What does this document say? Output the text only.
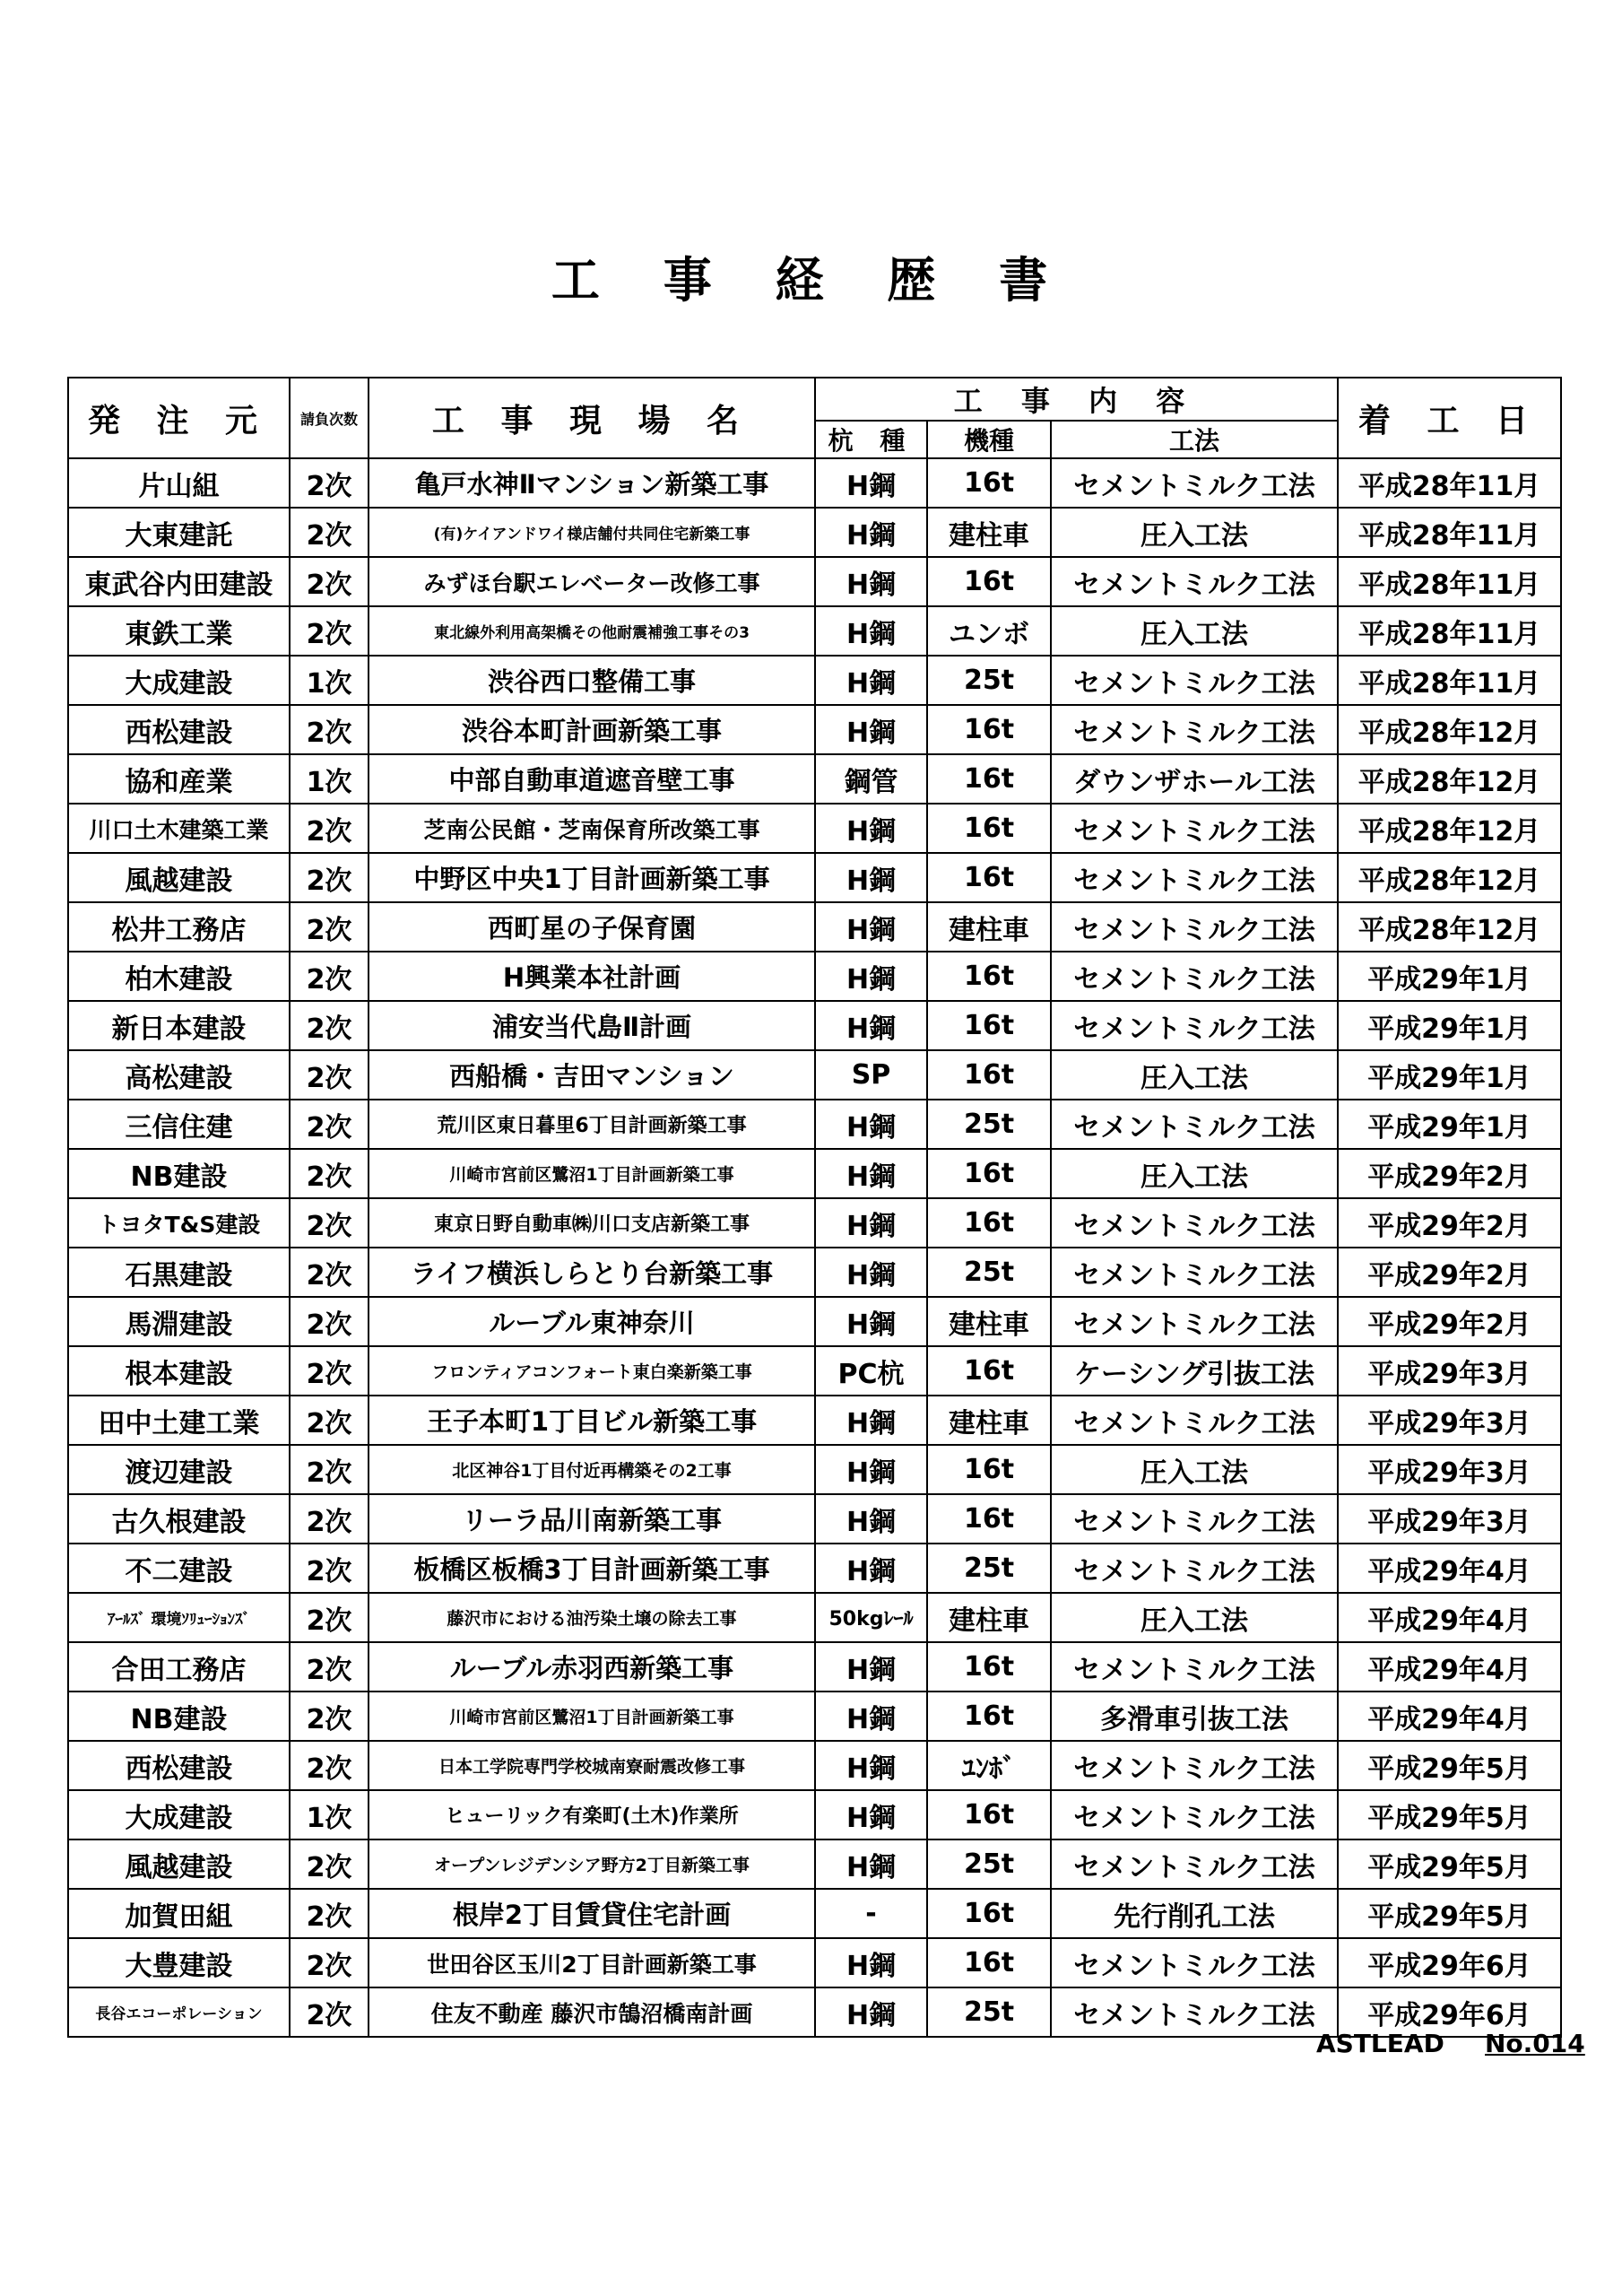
工 事 経 歴 書
発 注 元	請負次数	工 事 現 場 名	工 事 内 容			着 工 日
			杭 種	機種	工法	
片山組	2次	亀戸水神Ⅱマンション新築工事	H鋼	16t	セメントミルク工法	平成28年11月
大東建託	2次	(有)ケイアンドワイ様店舗付共同住宅新築工事	H鋼	建柱車	圧入工法	平成28年11月
東武谷内田建設	2次	みずほ台駅エレベーター改修工事	H鋼	16t	セメントミルク工法	平成28年11月
東鉄工業	2次	東北線外利用高架橋その他耐震補強工事その3	H鋼	ユンボ	圧入工法	平成28年11月
大成建設	1次	渋谷西口整備工事	H鋼	25t	セメントミルク工法	平成28年11月
西松建設	2次	渋谷本町計画新築工事	H鋼	16t	セメントミルク工法	平成28年12月
協和産業	1次	中部自動車道遮音壁工事	鋼管	16t	ダウンザホール工法	平成28年12月
川口土木建築工業	2次	芝南公民館・芝南保育所改築工事	H鋼	16t	セメントミルク工法	平成28年12月
風越建設	2次	中野区中央1丁目計画新築工事	H鋼	16t	セメントミルク工法	平成28年12月
松井工務店	2次	西町星の子保育園	H鋼	建柱車	セメントミルク工法	平成28年12月
柏木建設	2次	H興業本社計画	H鋼	16t	セメントミルク工法	平成29年1月
新日本建設	2次	浦安当代島Ⅱ計画	H鋼	16t	セメントミルク工法	平成29年1月
高松建設	2次	西船橋・吉田マンション	SP	16t	圧入工法	平成29年1月
三信住建	2次	荒川区東日暮里6丁目計画新築工事	H鋼	25t	セメントミルク工法	平成29年1月
NB建設	2次	川崎市宮前区鷺沼1丁目計画新築工事	H鋼	16t	圧入工法	平成29年2月
トヨタT&S建設	2次	東京日野自動車㈱川口支店新築工事	H鋼	16t	セメントミルク工法	平成29年2月
石黒建設	2次	ライフ横浜しらとり台新築工事	H鋼	25t	セメントミルク工法	平成29年2月
馬淵建設	2次	ルーブル東神奈川	H鋼	建柱車	セメントミルク工法	平成29年2月
根本建設	2次	フロンティアコンフォート東白楽新築工事	PC杭	16t	ケーシング引抜工法	平成29年3月
田中土建工業	2次	王子本町1丁目ビル新築工事	H鋼	建柱車	セメントミルク工法	平成29年3月
渡辺建設	2次	北区神谷1丁目付近再構築その2工事	H鋼	16t	圧入工法	平成29年3月
古久根建設	2次	リーラ品川南新築工事	H鋼	16t	セメントミルク工法	平成29年3月
不二建設	2次	板橋区板橋3丁目計画新築工事	H鋼	25t	セメントミルク工法	平成29年4月
ｱｰﾙｽﾞ 環境ｿﾘｭｰｼｮﾝｽﾞ	2次	藤沢市における油汚染土壌の除去工事	50kgﾚｰﾙ	建柱車	圧入工法	平成29年4月
合田工務店	2次	ルーブル赤羽西新築工事	H鋼	16t	セメントミルク工法	平成29年4月
NB建設	2次	川崎市宮前区鷺沼1丁目計画新築工事	H鋼	16t	多滑車引抜工法	平成29年4月
西松建設	2次	日本工学院専門学校城南寮耐震改修工事	H鋼	ﾕﾝﾎﾞ	セメントミルク工法	平成29年5月
大成建設	1次	ヒューリック有楽町(土木)作業所	H鋼	16t	セメントミルク工法	平成29年5月
風越建設	2次	オープンレジデンシア野方2丁目新築工事	H鋼	25t	セメントミルク工法	平成29年5月
加賀田組	2次	根岸2丁目賃貸住宅計画	-	16t	先行削孔工法	平成29年5月
大豊建設	2次	世田谷区玉川2丁目計画新築工事	H鋼	16t	セメントミルク工法	平成29年6月
長谷エコーポレーション	2次	住友不動産 藤沢市鵠沼橋南計画	H鋼	25t	セメントミルク工法	平成29年6月
ASTLEAD No.014
